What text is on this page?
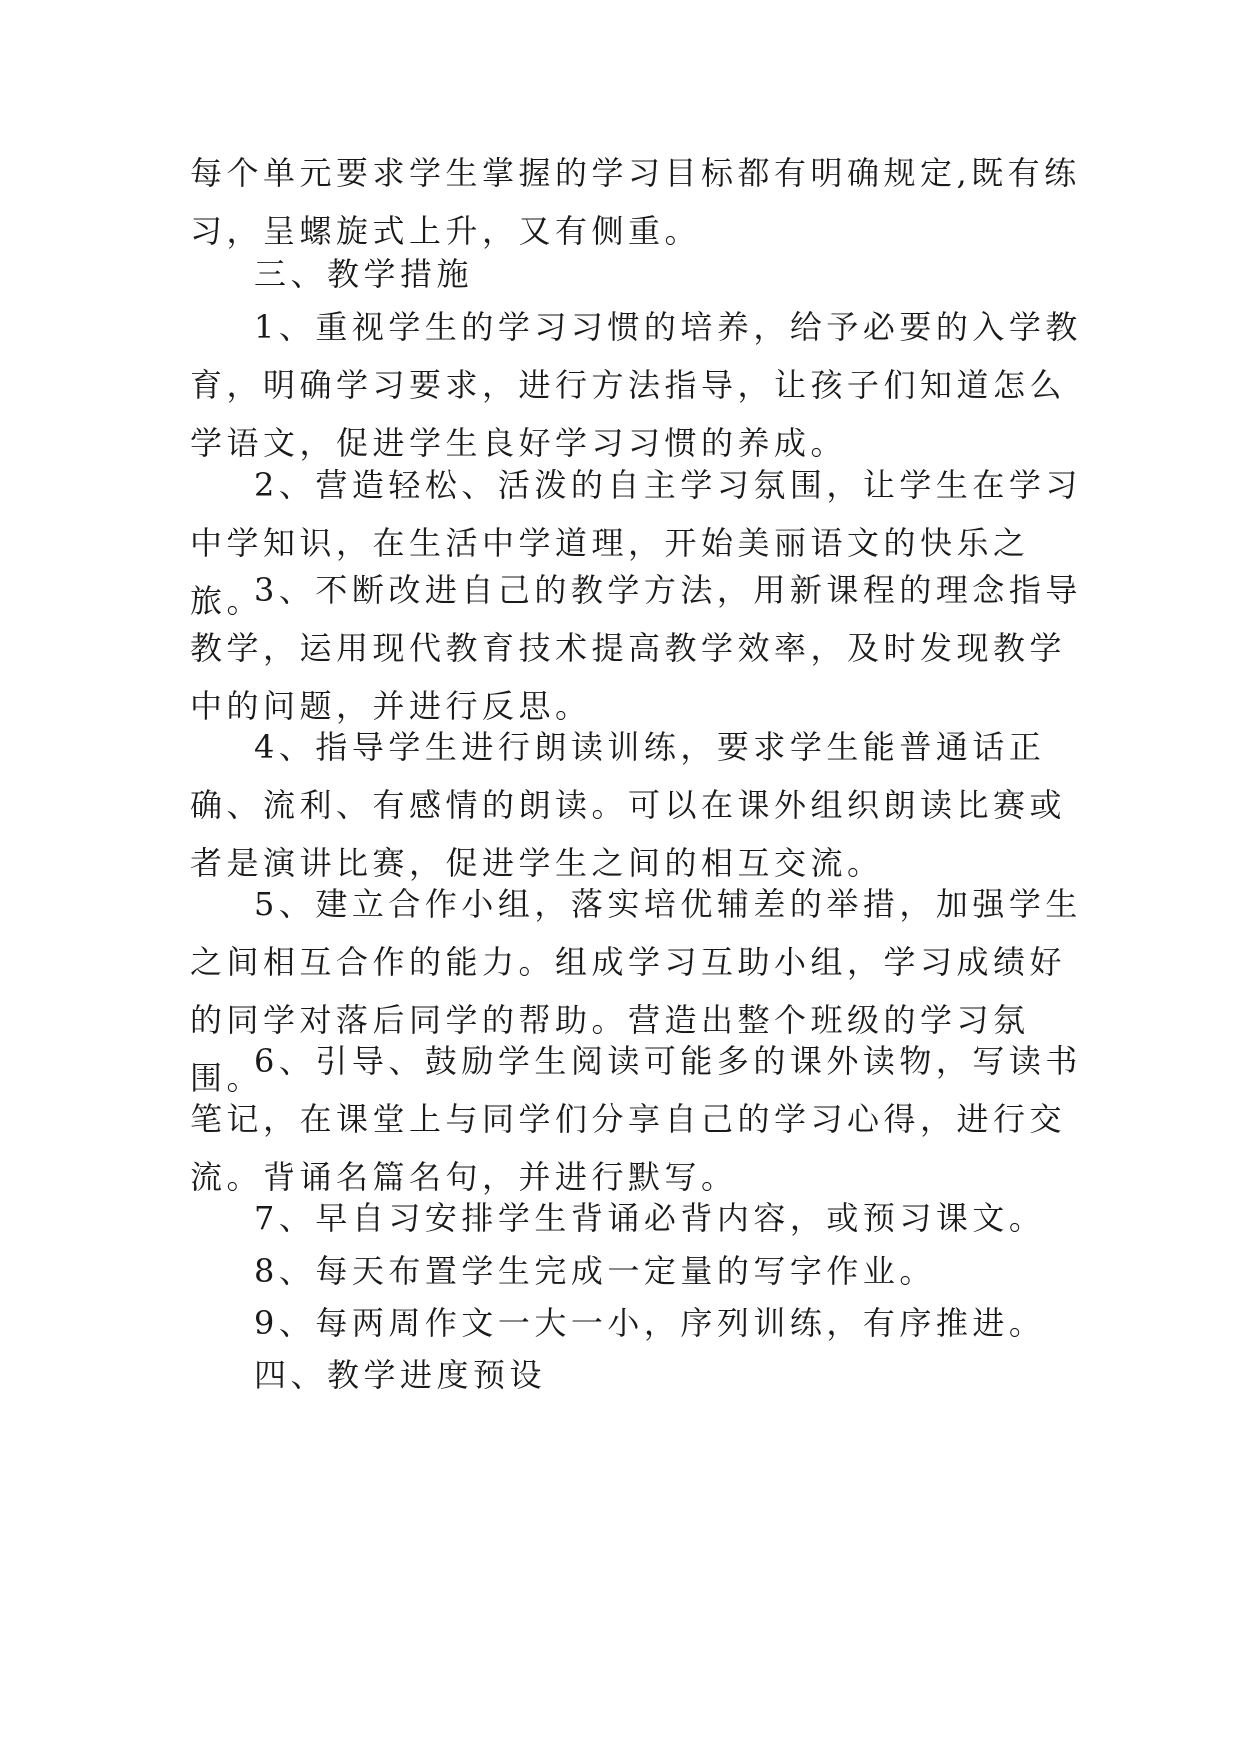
每个单元要求学生掌握的学习目标都有明确规定,既有练习，呈螺旋式上升，又有侧重。

三、教学措施

1、重视学生的学习习惯的培养，给予必要的入学教育，明确学习要求，进行方法指导，让孩子们知道怎么学语文，促进学生良好学习习惯的养成。

2、营造轻松、活泼的自主学习氛围，让学生在学习中学知识，在生活中学道理，开始美丽语文的快乐之旅。

3、不断改进自己的教学方法，用新课程的理念指导教学，运用现代教育技术提高教学效率，及时发现教学中的问题，并进行反思。

4、指导学生进行朗读训练，要求学生能普通话正确、流利、有感情的朗读。可以在课外组织朗读比赛或者是演讲比赛，促进学生之间的相互交流。

5、建立合作小组，落实培优辅差的举措，加强学生之间相互合作的能力。组成学习互助小组，学习成绩好的同学对落后同学的帮助。营造出整个班级的学习氛围。

6、引导、鼓励学生阅读可能多的课外读物，写读书笔记，在课堂上与同学们分享自己的学习心得，进行交流。背诵名篇名句，并进行默写。

7、早自习安排学生背诵必背内容，或预习课文。

8、每天布置学生完成一定量的写字作业。

9、每两周作文一大一小，序列训练，有序推进。

四、教学进度预设
